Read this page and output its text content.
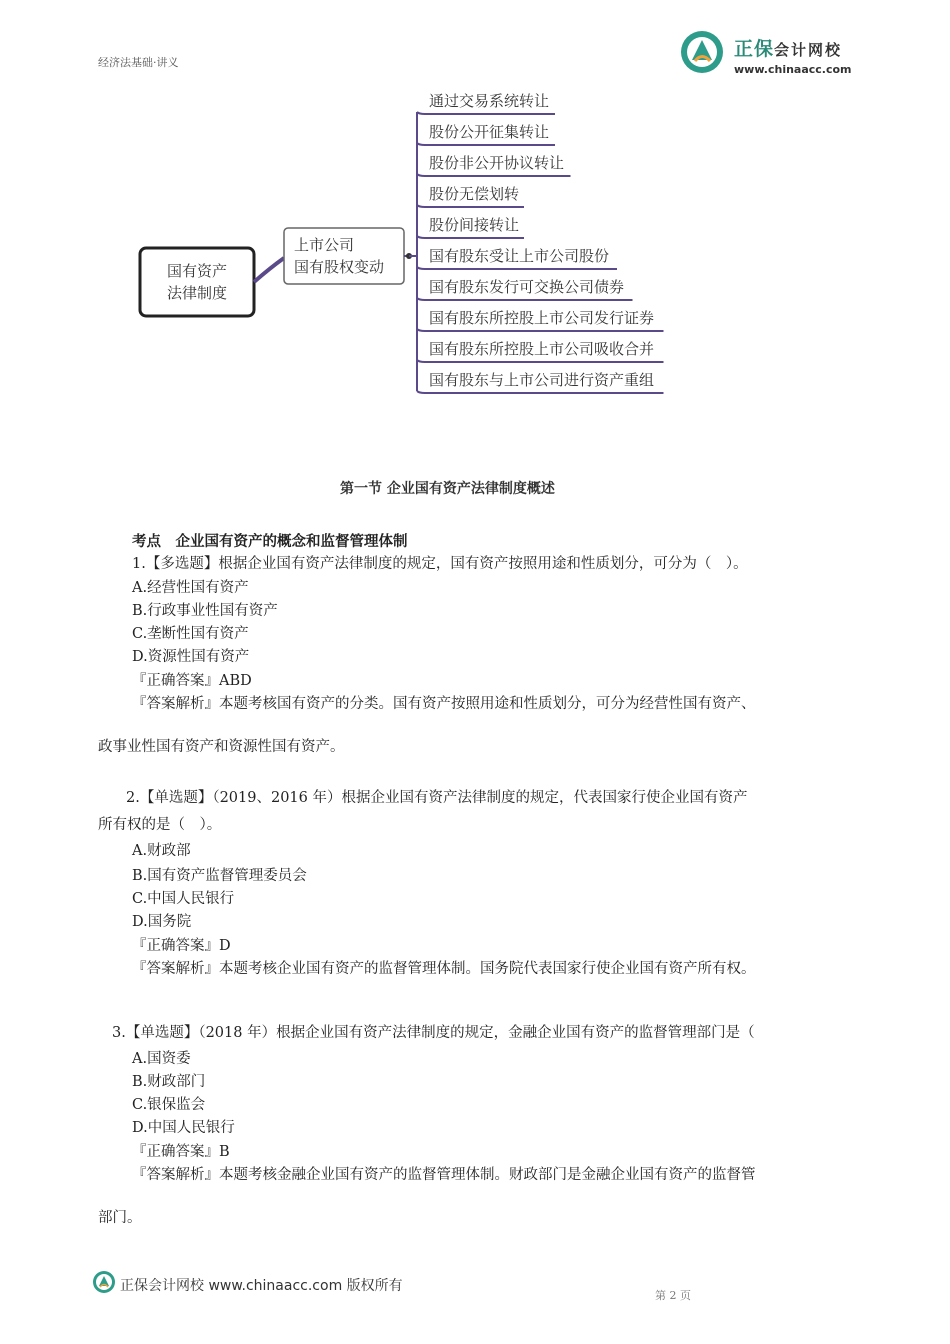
正保会计网校
www.chinaacc.com
经济法基础·讲义
国有资产
法律制度
上市公司
国有股权变动
通过交易系统转让
股份公开征集转让
股份非公开协议转让
股份无偿划转
股份间接转让
国有股东受让上市公司股份
国有股东发行可交换公司债券
国有股东所控股上市公司发行证券
国有股东所控股上市公司吸收合并
国有股东与上市公司进行资产重组
第一节 企业国有资产法律制度概述
考点　企业国有资产的概念和监督管理体制
1.【多选题】根据企业国有资产法律制度的规定，国有资产按照用途和性质划分，可分为（　）。
A.经营性国有资产
B.行政事业性国有资产
C.垄断性国有资产
D.资源性国有资产
『正确答案』ABD
『答案解析』本题考核国有资产的分类。国有资产按照用途和性质划分，可分为经营性国有资产、
政事业性国有资产和资源性国有资产。
2.【单选题】（2019、2016 年）根据企业国有资产法律制度的规定，代表国家行使企业国有资产
所有权的是（　）。
A.财政部
B.国有资产监督管理委员会
C.中国人民银行
D.国务院
『正确答案』D
『答案解析』本题考核企业国有资产的监督管理体制。国务院代表国家行使企业国有资产所有权。
3.【单选题】（2018 年）根据企业国有资产法律制度的规定，金融企业国有资产的监督管理部门是（
A.国资委
B.财政部门
C.银保监会
D.中国人民银行
『正确答案』B
『答案解析』本题考核金融企业国有资产的监督管理体制。财政部门是金融企业国有资产的监督管
部门。
正保会计网校 www.chinaacc.com 版权所有
第 2 页
